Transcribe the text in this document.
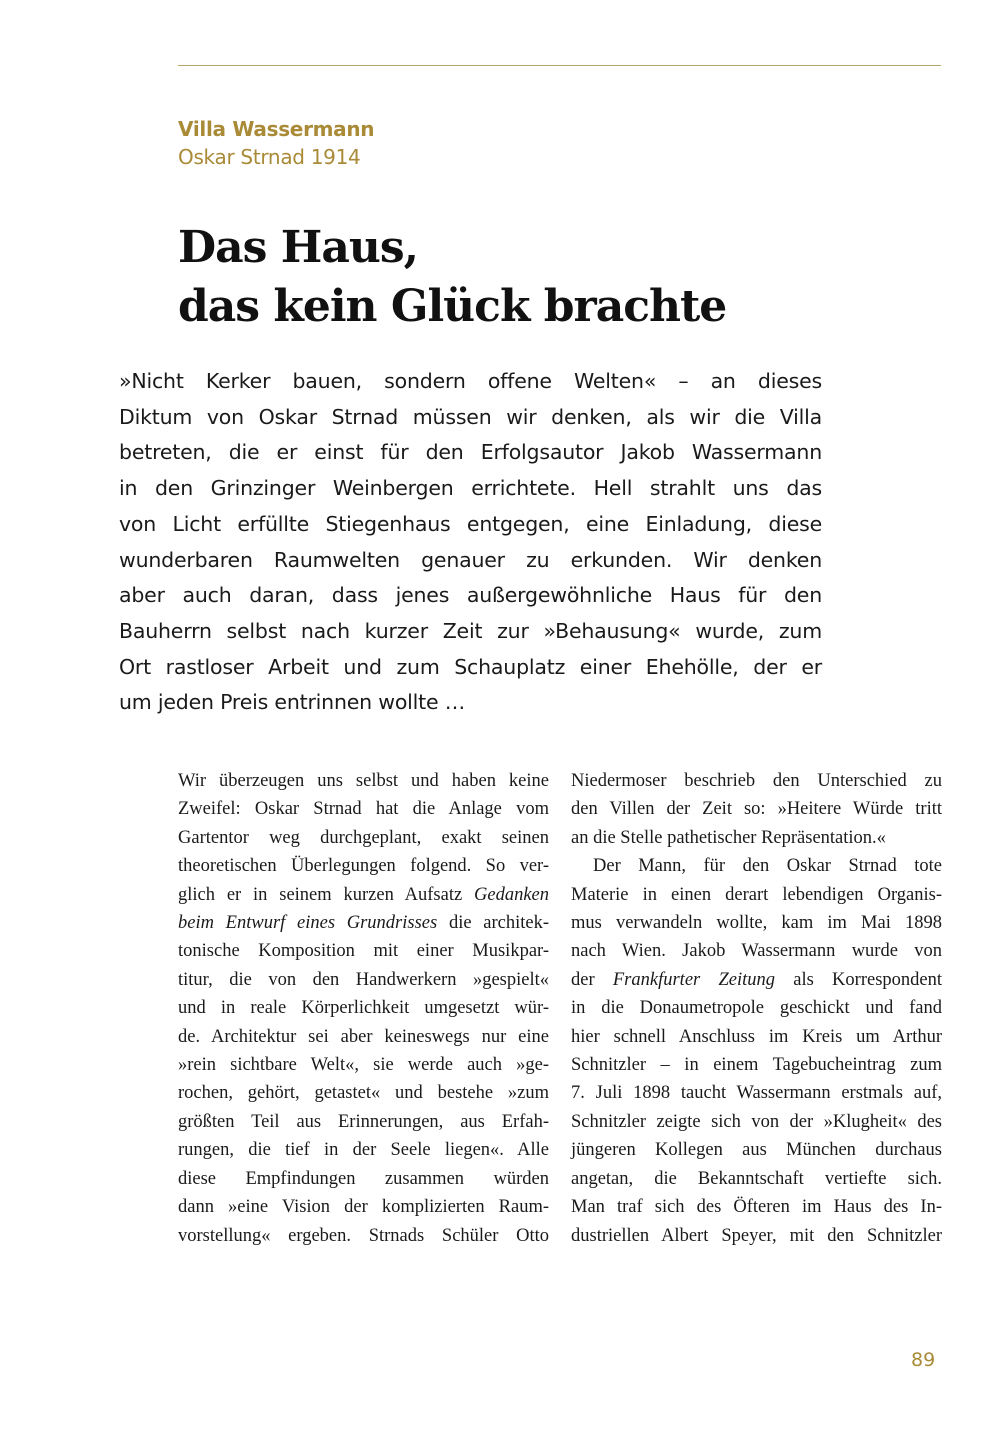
Villa Wassermann
Oskar Strnad 1914
Das Haus,
das kein Glück brachte
»Nicht Kerker bauen, sondern offene Welten« – an dieses
Diktum von Oskar Strnad müssen wir denken, als wir die Villa
betreten, die er einst für den Erfolgsautor Jakob Wassermann
in den Grinzinger Weinbergen errichtete. Hell strahlt uns das
von Licht erfüllte Stiegenhaus entgegen, eine Einladung, diese
wunderbaren Raumwelten genauer zu erkunden. Wir denken
aber auch daran, dass jenes außergewöhnliche Haus für den
Bauherrn selbst nach kurzer Zeit zur »Behausung« wurde, zum
Ort rastloser Arbeit und zum Schauplatz einer Ehehölle, der er
um jeden Preis entrinnen wollte …
Wir überzeugen uns selbst und haben keine
Zweifel: Oskar Strnad hat die Anlage vom
Gartentor weg durchgeplant, exakt seinen
theoretischen Überlegungen folgend. So ver-
glich er in seinem kurzen Aufsatz Gedanken
beim Entwurf eines Grundrisses die architek-
tonische Komposition mit einer Musikpar-
titur, die von den Handwerkern »gespielt«
und in reale Körperlichkeit umgesetzt wür-
de. Architektur sei aber keineswegs nur eine
»rein sichtbare Welt«, sie werde auch »ge-
rochen, gehört, getastet« und bestehe »zum
größten Teil aus Erinnerungen, aus Erfah-
rungen, die tief in der Seele liegen«. Alle
diese Empfindungen zusammen würden
dann »eine Vision der komplizierten Raum-
vorstellung« ergeben. Strnads Schüler Otto
Niedermoser beschrieb den Unterschied zu
den Villen der Zeit so: »Heitere Würde tritt
an die Stelle pathetischer Repräsentation.«
Der Mann, für den Oskar Strnad tote
Materie in einen derart lebendigen Organis-
mus verwandeln wollte, kam im Mai 1898
nach Wien. Jakob Wassermann wurde von
der Frankfurter Zeitung als Korrespondent
in die Donaumetropole geschickt und fand
hier schnell Anschluss im Kreis um Arthur
Schnitzler – in einem Tagebucheintrag zum
7. Juli 1898 taucht Wassermann erstmals auf,
Schnitzler zeigte sich von der »Klugheit« des
jüngeren Kollegen aus München durchaus
angetan, die Bekanntschaft vertiefte sich.
Man traf sich des Öfteren im Haus des In-
dustriellen Albert Speyer, mit den Schnitzler
89
